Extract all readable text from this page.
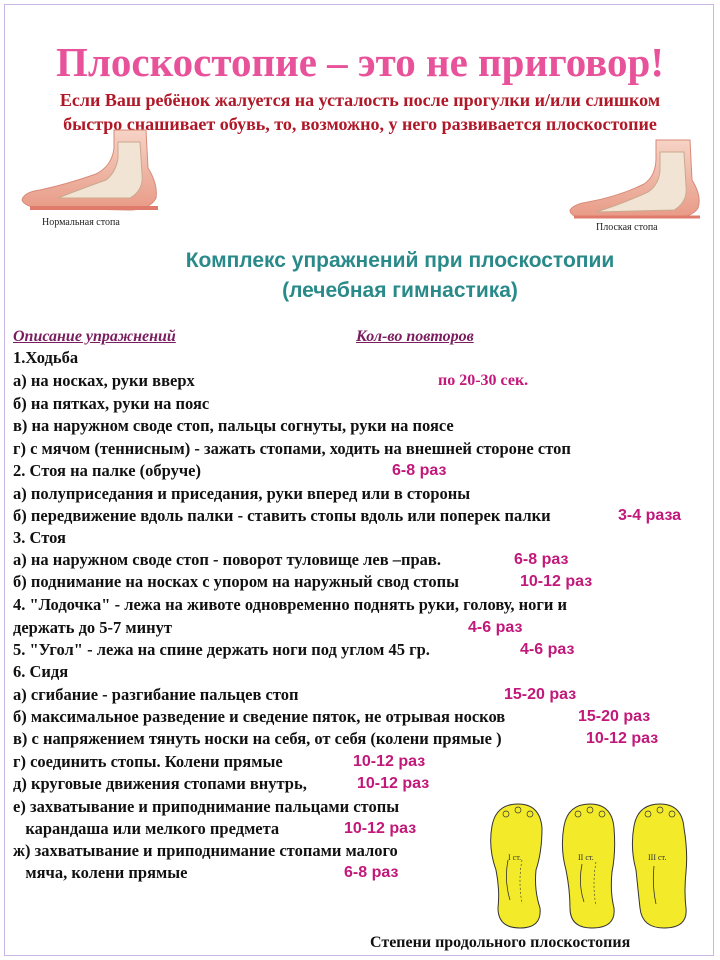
Плоскостопие – это не приговор!
Если Ваш ребёнок жалуется на усталость после прогулки и/или слишком быстро снашивает обувь, то, возможно, у него развивается плоскостопие
Нормальная стопа	Плоская стопа
Комплекс упражнений при плоскостопии
(лечебная гимнастика)
Описание упражнений	Кол-во повторов
1.Ходьба
а) на носках, руки вверх	по 20-30 сек.
б) на пятках, руки на пояс
в) на наружном своде стоп, пальцы согнуты, руки на поясе
г) с мячом (теннисным) - зажать стопами, ходить на внешней стороне стоп
2. Стоя на палке (обруче)	6-8 раз
а) полуприседания и приседания, руки вперед или в стороны
б) передвижение вдоль палки - ставить стопы вдоль или поперек палки	3-4 раза
3. Стоя
а) на наружном своде стоп - поворот туловище лев –прав.	6-8 раз
б) поднимание на носках с упором на наружный свод стопы	10-12 раз
4. "Лодочка" - лежа на животе одновременно поднять руки, голову, ноги и
держать до 5-7 минут	4-6 раз
5. "Угол" - лежа на спине держать ноги под углом 45 гр.	4-6 раз
6. Сидя
а) сгибание - разгибание пальцев стоп	15-20 раз
б) максимальное разведение и сведение пяток, не отрывая носков	15-20 раз
в) с напряжением тянуть носки на себя, от себя (колени прямые )	10-12 раз
г) соединить стопы. Колени прямые	10-12 раз
д) круговые движения стопами внутрь,	10-12 раз
е) захватывание и приподнимание пальцами стопы
карандаша или мелкого предмета	10-12 раз
ж) захватывание и приподнимание стопами малого
мяча, колени прямые	6-8 раз
I ст.	II ст.	III ст.
Степени продольного плоскостопия
